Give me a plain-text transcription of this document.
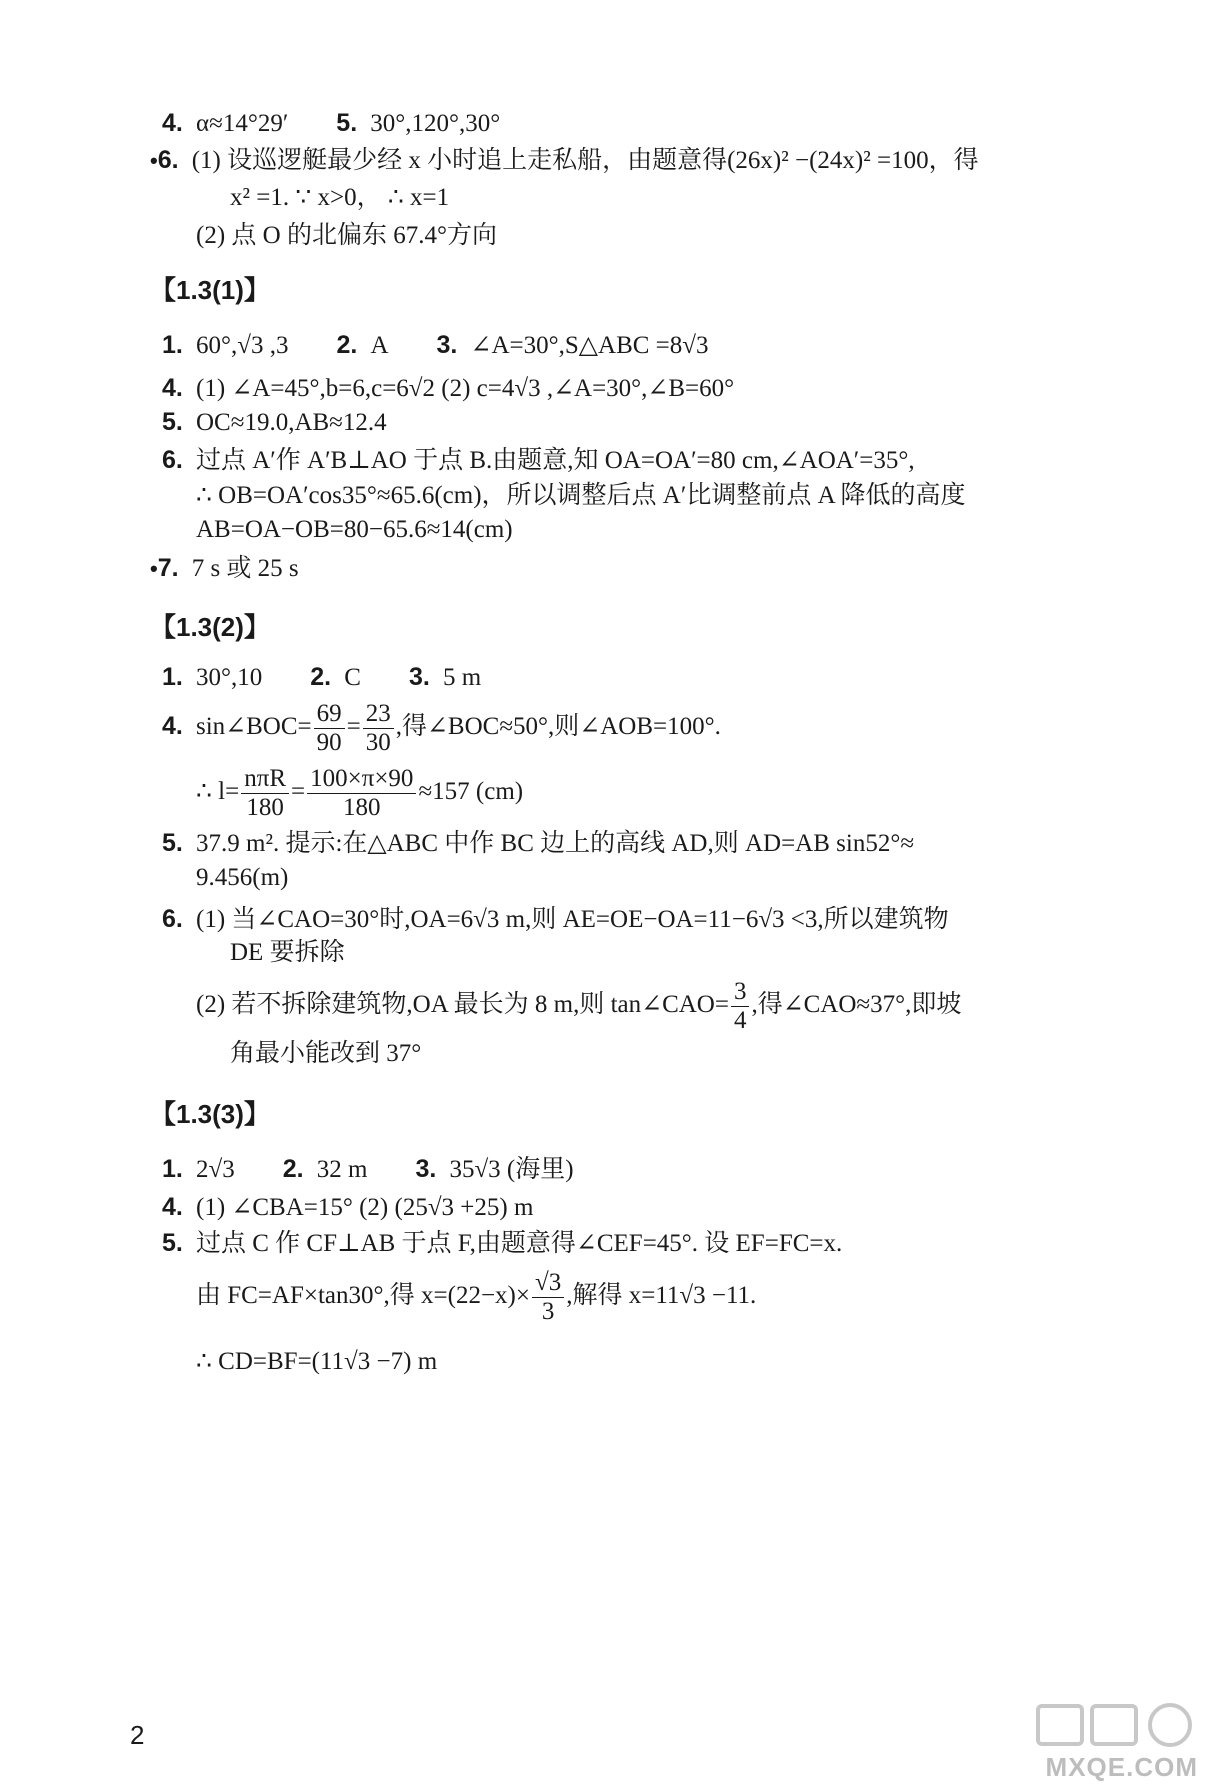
4. α≈14°29′ 5. 30°,120°,30°
•6. (1) 设巡逻艇最少经 x 小时追上走私船，由题意得(26x)² −(24x)² =100，得
x² =1. ∵ x>0， ∴ x=1
(2) 点 O 的北偏东 67.4°方向
【1.3(1)】
1. 60°,√3 ,3 2. A 3. ∠A=30°,S△ABC =8√3
4. (1) ∠A=45°,b=6,c=6√2 (2) c=4√3 ,∠A=30°,∠B=60°
5. OC≈19.0,AB≈12.4
6. 过点 A′作 A′B⊥AO 于点 B.由题意,知 OA=OA′=80 cm,∠AOA′=35°,
∴ OB=OA′cos35°≈65.6(cm)，所以调整后点 A′比调整前点 A 降低的高度
AB=OA−OB=80−65.6≈14(cm)
•7. 7 s 或 25 s
【1.3(2)】
1. 30°,10 2. C 3. 5 m
4. sin∠BOC= $\frac{69}{90} = \frac{23}{30}$ ,得∠BOC≈50°,则∠AOB=100°.
∴ $l= \frac{\text{nπR}}{180} = \frac{100\times\pi\times 90}{180} \approx 157$ (cm)
5. 37.9 m². 提示:在△ABC 中作 BC 边上的高线 AD,则 AD=AB sin52°≈
9.456(m)
6. (1) 当∠CAO=30°时,OA=6√3 m,则 AE=OE−OA=11−6√3 <3,所以建筑物
DE 要拆除
(2) 若不拆除建筑物,OA 最长为 8 m,则 tan∠CAO= $\frac{3}{4}$ ,得∠CAO≈37°,即坡
角最小能改到 37°
【1.3(3)】
1. 2√3 2. 32 m 3. 35√3 (海里)
4. (1) ∠CBA=15° (2) (25√3 +25) m
5. 过点 C 作 CF⊥AB 于点 F,由题意得∠CEF=45°. 设 EF=FC=x.
由 FC=AF×tan30°,得 $x=(22-x)\times \frac{√3}{3}$ ,解得 x=11√3 −11.
∴ CD=BF=(11√3 −7) m
2
MXQE.COM
